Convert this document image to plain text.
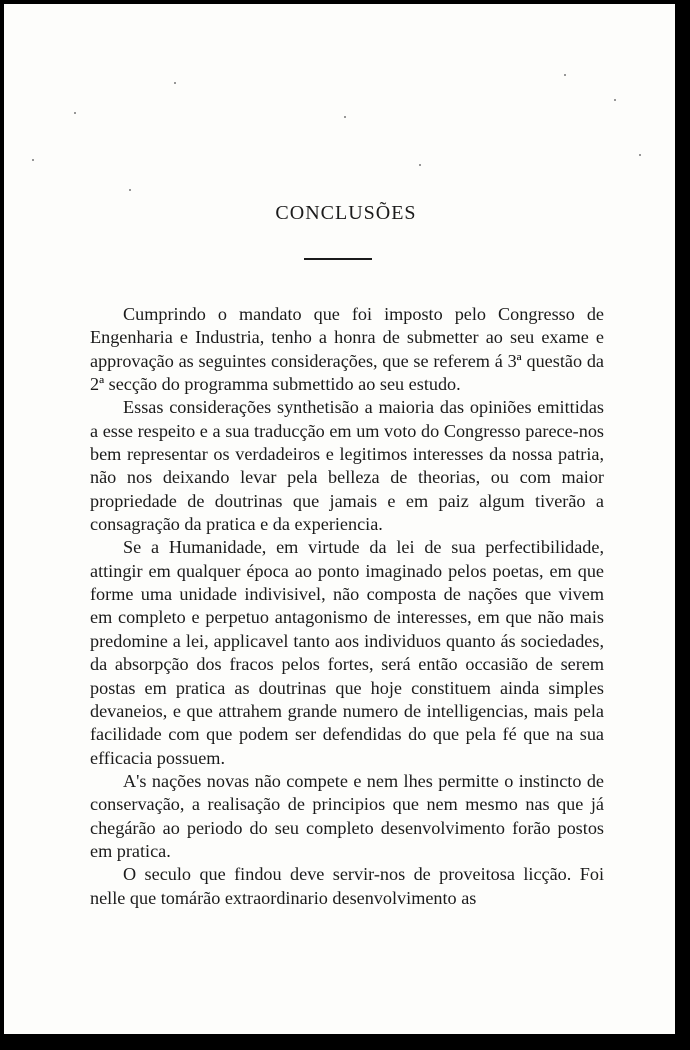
CONCLUSÕES

Cumprindo o mandato que foi imposto pelo Congresso de Engenharia e Industria, tenho a honra de submetter ao seu exame e approvação as seguintes considerações, que se referem á 3ª questão da 2ª secção do programma submettido ao seu estudo.

Essas considerações synthetisão a maioria das opiniões emittidas a esse respeito e a sua traducção em um voto do Congresso parece-nos bem representar os verdadeiros e legitimos interesses da nossa patria, não nos deixando levar pela belleza de theorias, ou com maior propriedade de doutrinas que jamais e em paiz algum tiverão a consagração da pratica e da experiencia.

Se a Humanidade, em virtude da lei de sua perfectibilidade, attingir em qualquer época ao ponto imaginado pelos poetas, em que forme uma unidade indivisivel, não composta de nações que vivem em completo e perpetuo antagonismo de interesses, em que não mais predomine a lei, applicavel tanto aos individuos quanto ás sociedades, da absorpção dos fracos pelos fortes, será então occasião de serem postas em pratica as doutrinas que hoje constituem ainda simples devaneios, e que attrahem grande numero de intelligencias, mais pela facilidade com que podem ser defendidas do que pela fé que na sua efficacia possuem.

A's nações novas não compete e nem lhes permitte o instincto de conservação, a realisação de principios que nem mesmo nas que já chegárão ao periodo do seu completo desenvolvimento forão postos em pratica.

O seculo que findou deve servir-nos de proveitosa licção. Foi nelle que tomárão extraordinario desenvolvimento as
